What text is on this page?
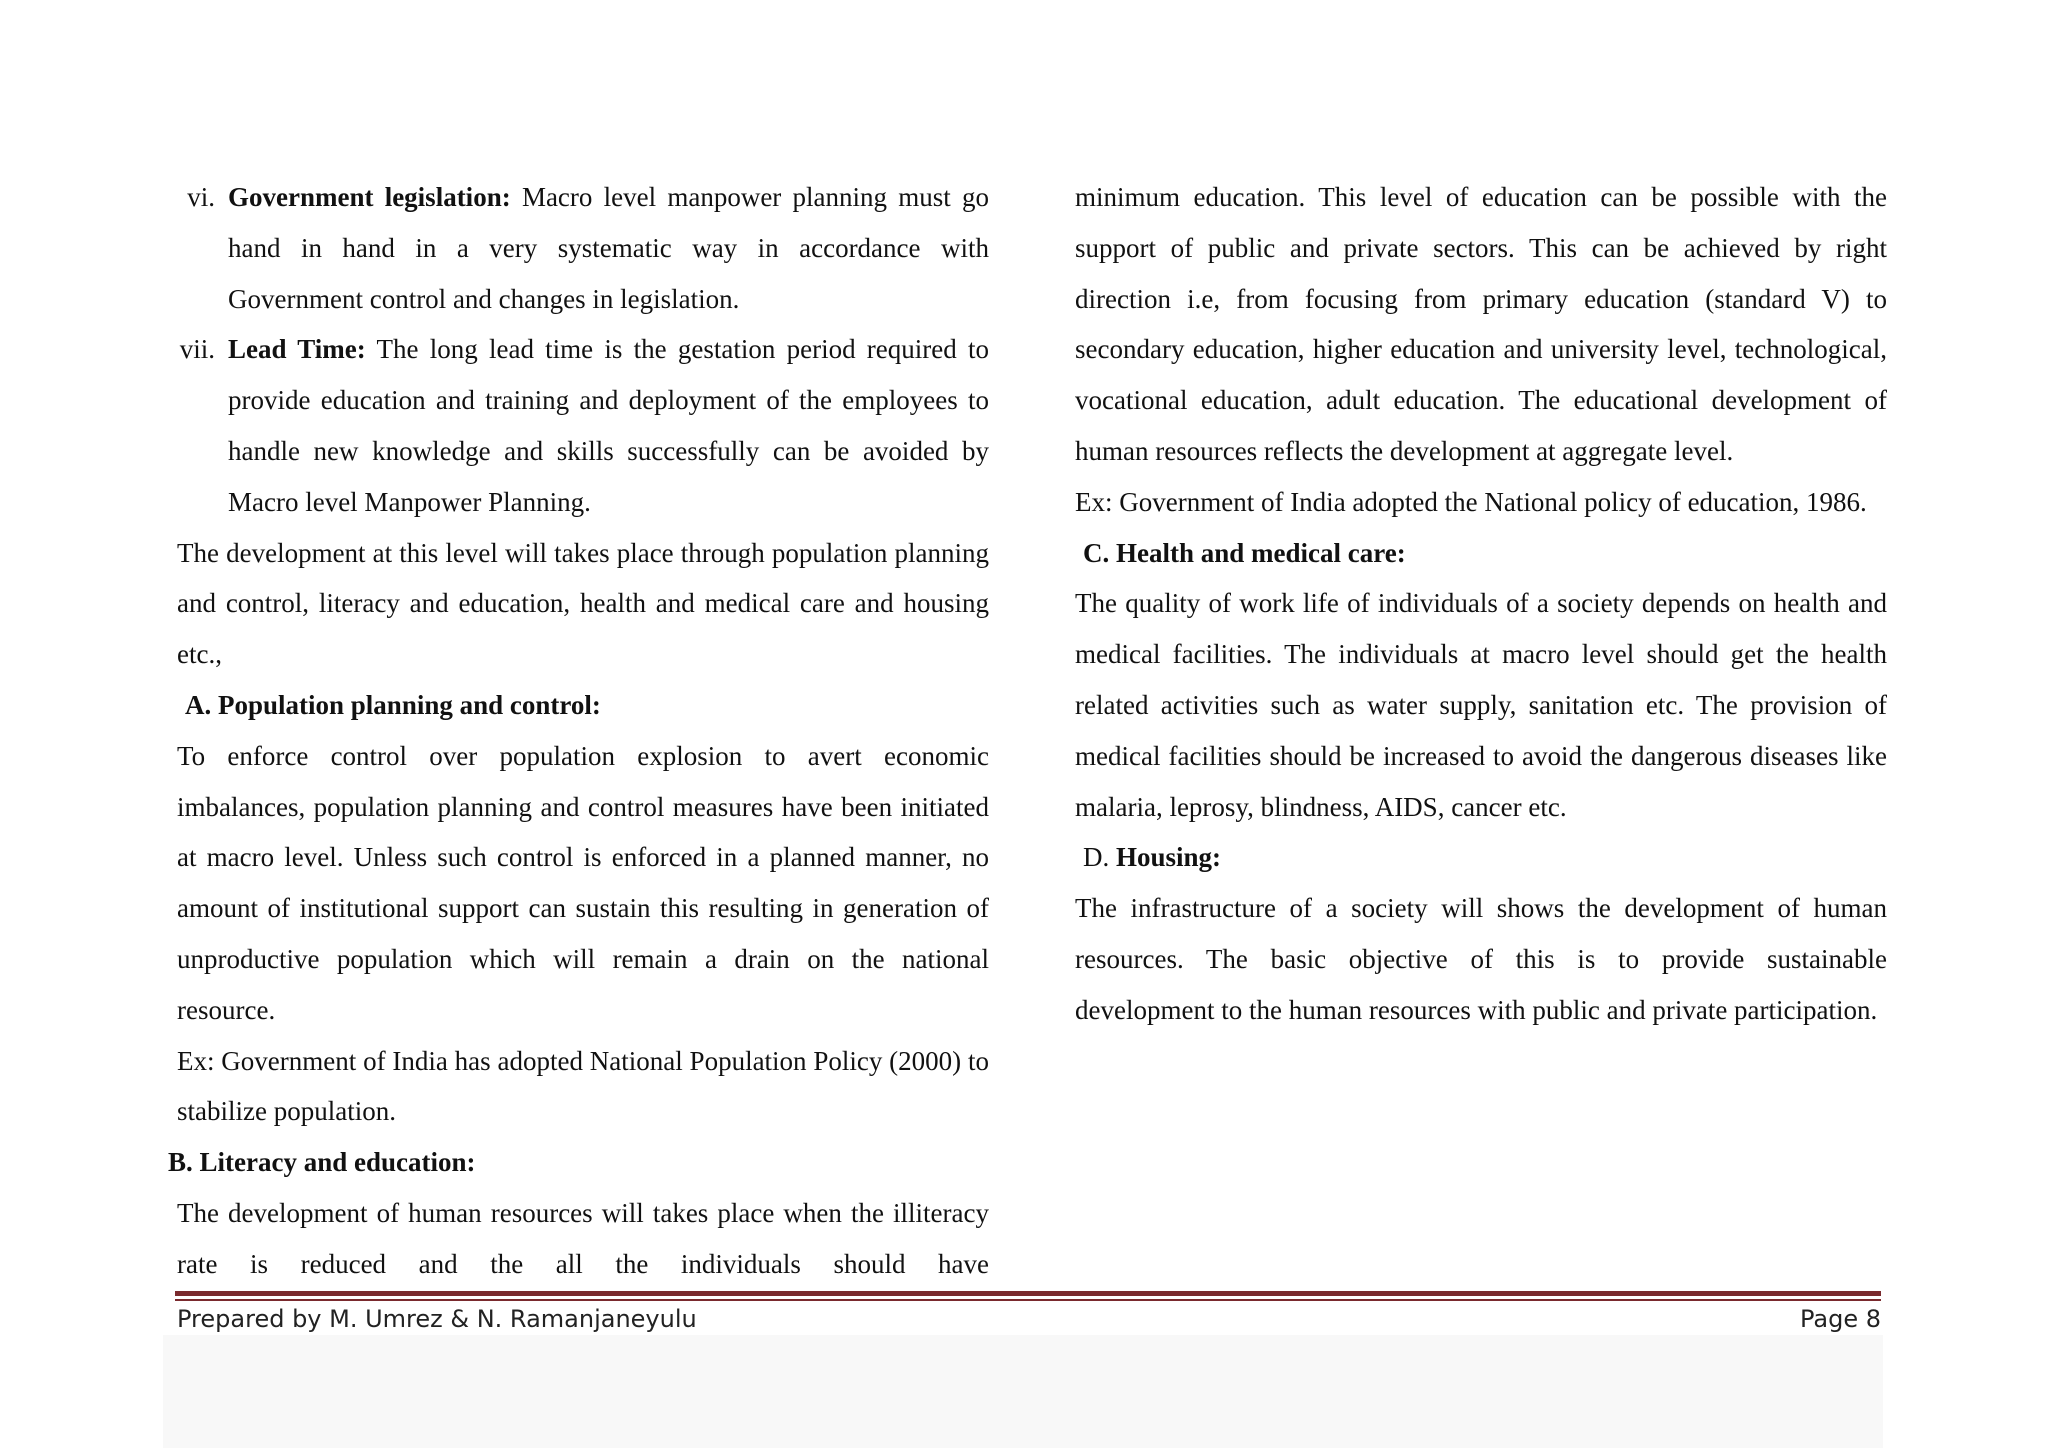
vi. Government legislation: Macro level manpower planning must go hand in hand in a very systematic way in accordance with Government control and changes in legislation.

vii. Lead Time: The long lead time is the gestation period required to provide education and training and deployment of the employees to handle new knowledge and skills successfully can be avoided by Macro level Manpower Planning.

The development at this level will takes place through population planning and control, literacy and education, health and medical care and housing etc.,

A. Population planning and control:

To enforce control over population explosion to avert economic imbalances, population planning and control measures have been initiated at macro level. Unless such control is enforced in a planned manner, no amount of institutional support can sustain this resulting in generation of unproductive population which will remain a drain on the national resource.

Ex: Government of India has adopted National Population Policy (2000) to stabilize population.

B. Literacy and education:

The development of human resources will takes place when the illiteracy rate is reduced and the all the individuals should have

minimum education. This level of education can be possible with the support of public and private sectors. This can be achieved by right direction i.e, from focusing from primary education (standard V) to secondary education, higher education and university level, technological, vocational education, adult education. The educational development of human resources reflects the development at aggregate level.

Ex: Government of India adopted the National policy of education, 1986.

C. Health and medical care:

The quality of work life of individuals of a society depends on health and medical facilities. The individuals at macro level should get the health related activities such as water supply, sanitation etc. The provision of medical facilities should be increased to avoid the dangerous diseases like malaria, leprosy, blindness, AIDS, cancer etc.

D. Housing:

The infrastructure of a society will shows the development of human resources. The basic objective of this is to provide sustainable development to the human resources with public and private participation.

Prepared by M. Umrez & N. Ramanjaneyulu	Page 8
